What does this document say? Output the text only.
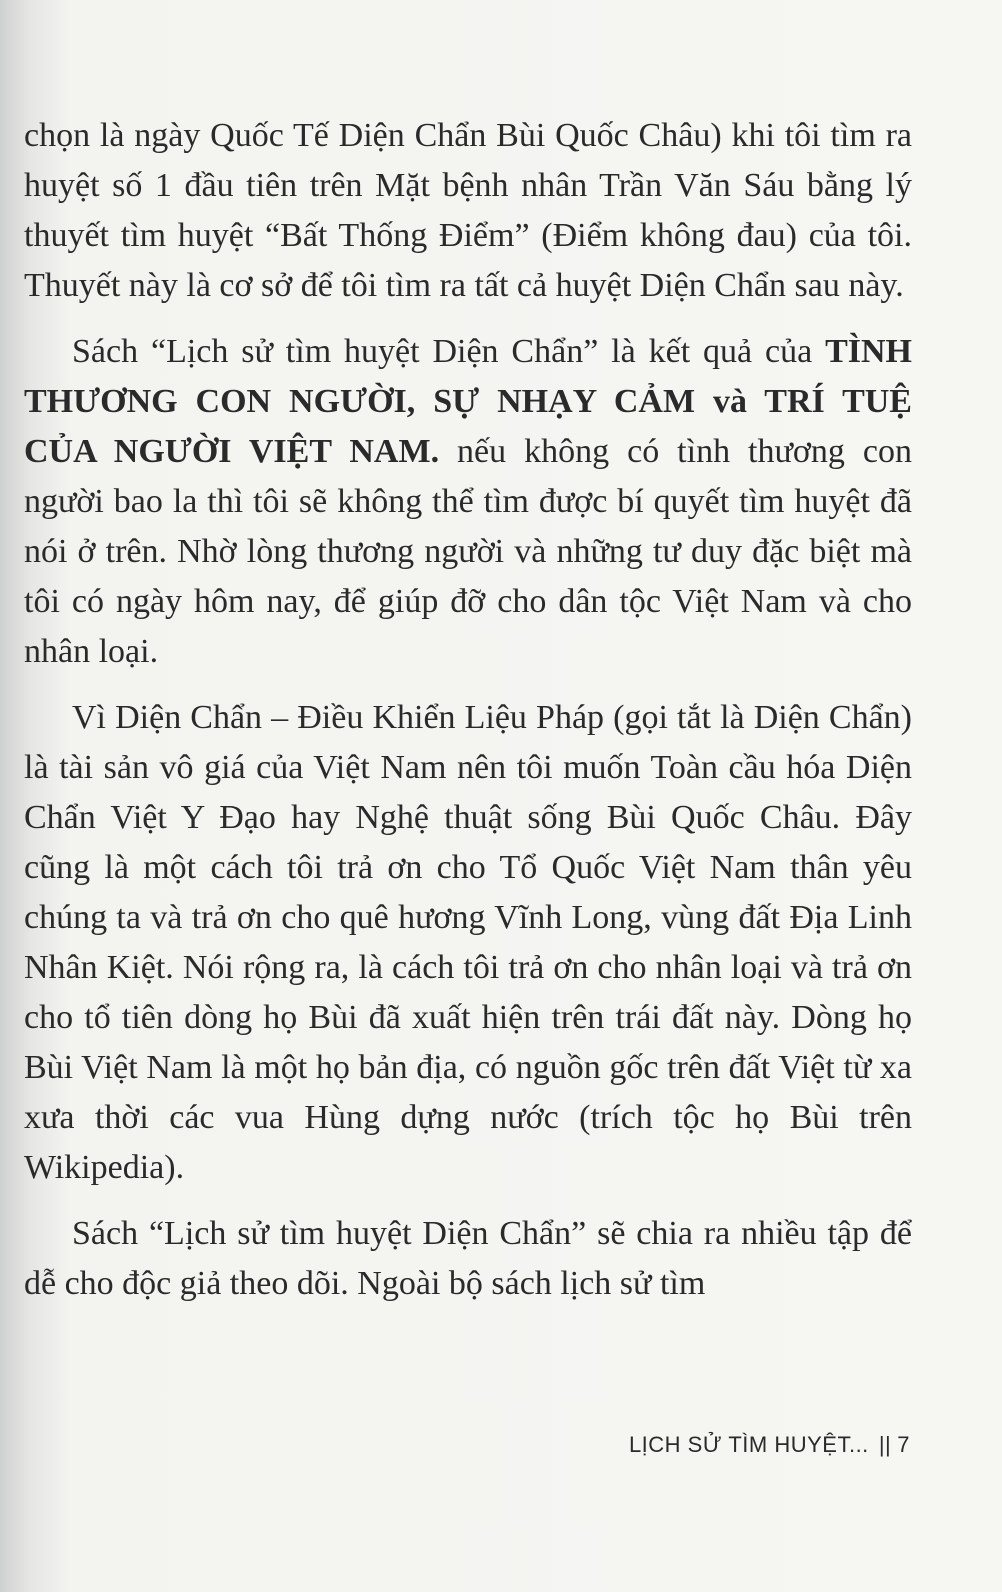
chọn là ngày Quốc Tế Diện Chẩn Bùi Quốc Châu) khi tôi tìm ra huyệt số 1 đầu tiên trên Mặt bệnh nhân Trần Văn Sáu bằng lý thuyết tìm huyệt “Bất Thống Điểm” (Điểm không đau) của tôi. Thuyết này là cơ sở để tôi tìm ra tất cả huyệt Diện Chẩn sau này.

Sách “Lịch sử tìm huyệt Diện Chẩn” là kết quả của TÌNH THƯƠNG CON NGƯỜI, SỰ NHẠY CẢM và TRÍ TUỆ CỦA NGƯỜI VIỆT NAM. nếu không có tình thương con người bao la thì tôi sẽ không thể tìm được bí quyết tìm huyệt đã nói ở trên. Nhờ lòng thương người và những tư duy đặc biệt mà tôi có ngày hôm nay, để giúp đỡ cho dân tộc Việt Nam và cho nhân loại.

Vì Diện Chẩn – Điều Khiển Liệu Pháp (gọi tắt là Diện Chẩn) là tài sản vô giá của Việt Nam nên tôi muốn Toàn cầu hóa Diện Chẩn Việt Y Đạo hay Nghệ thuật sống Bùi Quốc Châu. Đây cũng là một cách tôi trả ơn cho Tổ Quốc Việt Nam thân yêu chúng ta và trả ơn cho quê hương Vĩnh Long, vùng đất Địa Linh Nhân Kiệt. Nói rộng ra, là cách tôi trả ơn cho nhân loại và trả ơn cho tổ tiên dòng họ Bùi đã xuất hiện trên trái đất này. Dòng họ Bùi Việt Nam là một họ bản địa, có nguồn gốc trên đất Việt từ xa xưa thời các vua Hùng dựng nước (trích tộc họ Bùi trên Wikipedia).

Sách “Lịch sử tìm huyệt Diện Chẩn” sẽ chia ra nhiều tập để dễ cho độc giả theo dõi. Ngoài bộ sách lịch sử tìm

LỊCH SỬ TÌM HUYỆT... || 7
